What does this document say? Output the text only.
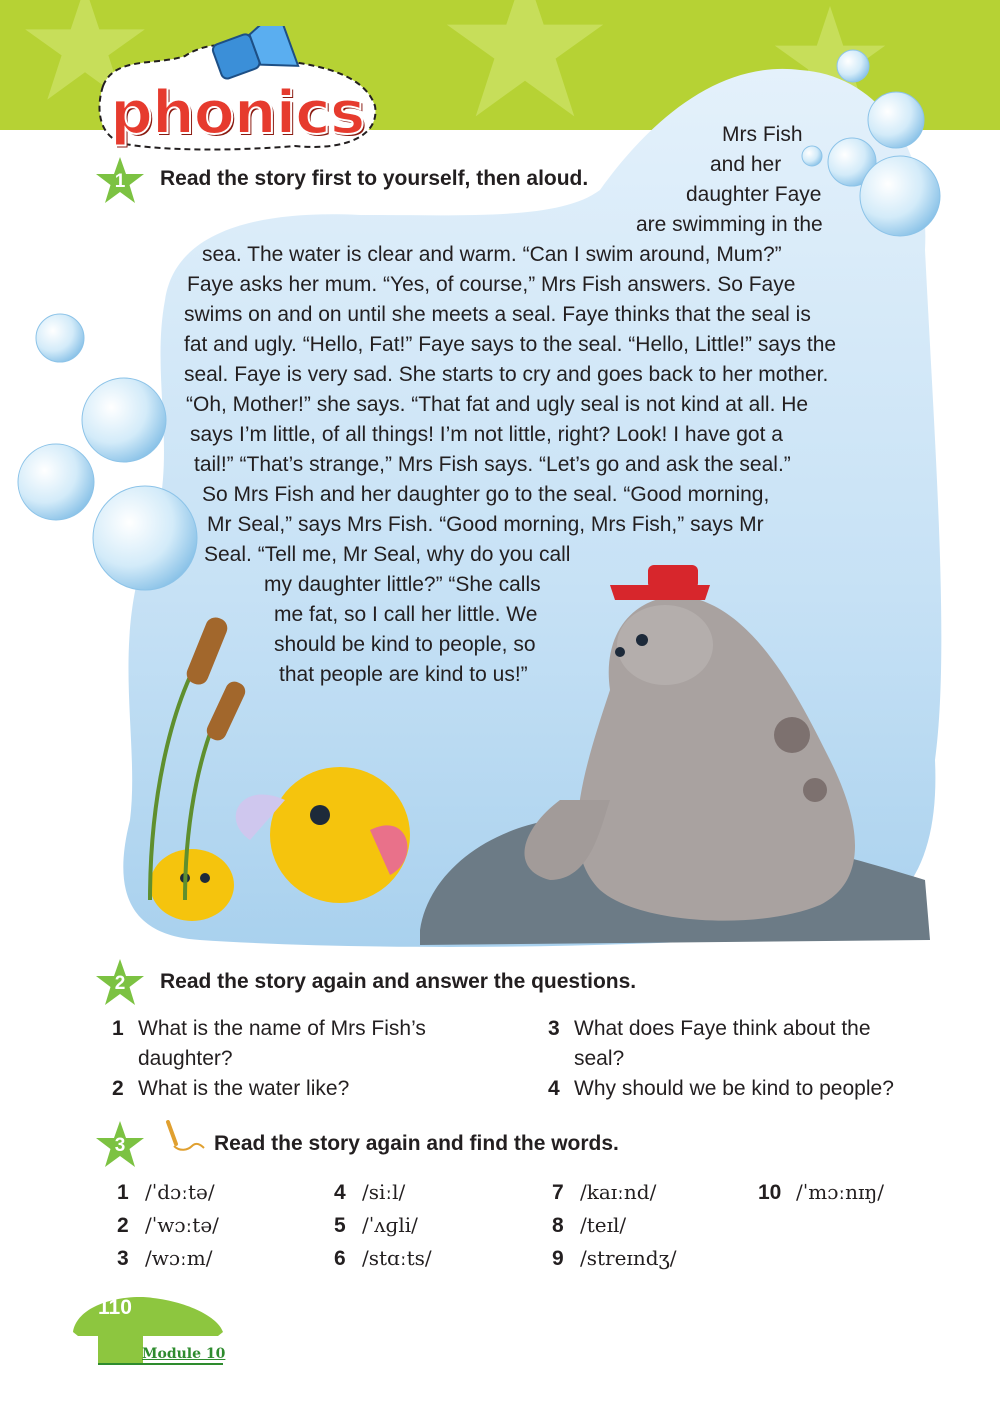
phonics
1	Read the story first to yourself, then aloud.
Mrs Fish
and her
daughter Faye
are swimming in the
sea. The water is clear and warm. “Can I swim around, Mum?”
Faye asks her mum. “Yes, of course,” Mrs Fish answers. So Faye
swims on and on until she meets a seal. Faye thinks that the seal is
fat and ugly. “Hello, Fat!” Faye says to the seal. “Hello, Little!” says the
seal. Faye is very sad. She starts to cry and goes back to her mother.
“Oh, Mother!” she says. “That fat and ugly seal is not kind at all. He
says I’m little, of all things! I’m not little, right? Look! I have got a
tail!” “That’s strange,” Mrs Fish says. “Let’s go and ask the seal.”
So Mrs Fish and her daughter go to the seal. “Good morning,
Mr Seal,” says Mrs Fish. “Good morning, Mrs Fish,” says Mr
Seal. “Tell me, Mr Seal, why do you call
my daughter little?” “She calls
me fat, so I call her little. We
should be kind to people, so
that people are kind to us!”
2	Read the story again and answer the questions.
1 What is the name of Mrs Fish’s
daughter?
2 What is the water like?
3 What does Faye think about the
seal?
4 Why should we be kind to people?
3	Read the story again and find the words.
1 /ˈdɔːtə/
2 /ˈwɔːtə/
3 /wɔːm/
4 /siːl/
5 /ˈʌɡli/
6 /stɑːts/
7 /kaɪːnd/
8 /teɪl/
9 /streɪndʒ/
10 /ˈmɔːnɪŋ/
110
Module 10
